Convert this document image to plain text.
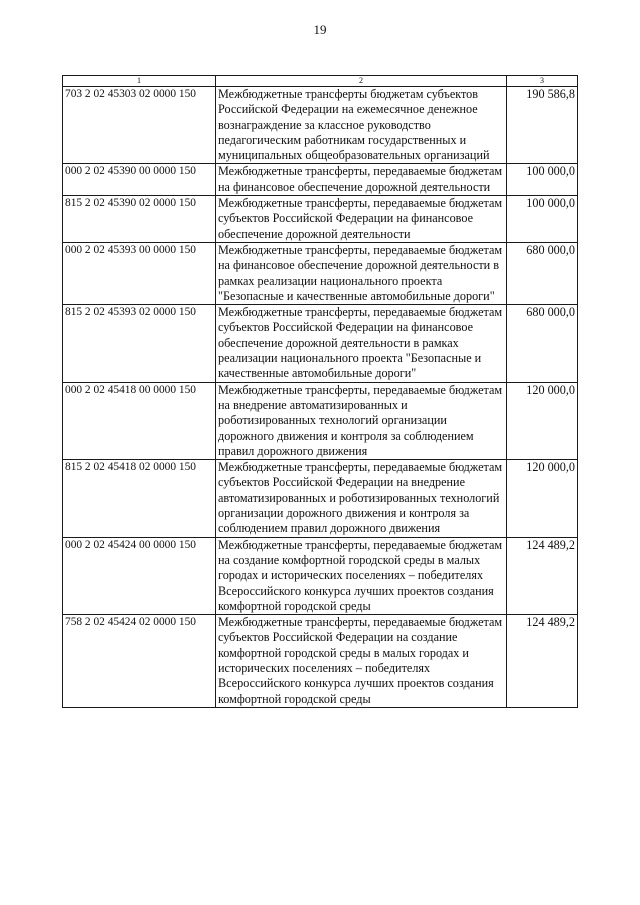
19
1	2	3
703 2 02 45303 02 0000 150	Межбюджетные трансферты бюджетам субъектов Российской Федерации на ежемесячное денежное вознаграждение за классное руководство педагогическим работникам государственных и муниципальных общеобразовательных организаций	190 586,8
000 2 02 45390 00 0000 150	Межбюджетные трансферты, передаваемые бюджетам на финансовое обеспечение дорожной деятельности	100 000,0
815 2 02 45390 02 0000 150	Межбюджетные трансферты, передаваемые бюджетам субъектов Российской Федерации на финансовое обеспечение дорожной деятельности	100 000,0
000 2 02 45393 00 0000 150	Межбюджетные трансферты, передаваемые бюджетам на финансовое обеспечение дорожной деятельности в рамках реализации национального проекта "Безопасные и качественные автомобильные дороги"	680 000,0
815 2 02 45393 02 0000 150	Межбюджетные трансферты, передаваемые бюджетам субъектов Российской Федерации на финансовое обеспечение дорожной деятельности в рамках реализации национального проекта "Безопасные и качественные автомобильные дороги"	680 000,0
000 2 02 45418 00 0000 150	Межбюджетные трансферты, передаваемые бюджетам на внедрение автоматизированных и роботизированных технологий организации дорожного движения и контроля за соблюдением правил дорожного движения	120 000,0
815 2 02 45418 02 0000 150	Межбюджетные трансферты, передаваемые бюджетам субъектов Российской Федерации на внедрение автоматизированных и роботизированных технологий организации дорожного движения и контроля за соблюдением правил дорожного движения	120 000,0
000 2 02 45424 00 0000 150	Межбюджетные трансферты, передаваемые бюджетам на создание комфортной городской среды в малых городах и исторических поселениях – победителях Всероссийского конкурса лучших проектов создания комфортной городской среды	124 489,2
758 2 02 45424 02 0000 150	Межбюджетные трансферты, передаваемые бюджетам субъектов Российской Федерации на создание комфортной городской среды в малых городах и исторических поселениях – победителях Всероссийского конкурса лучших проектов создания комфортной городской среды	124 489,2
